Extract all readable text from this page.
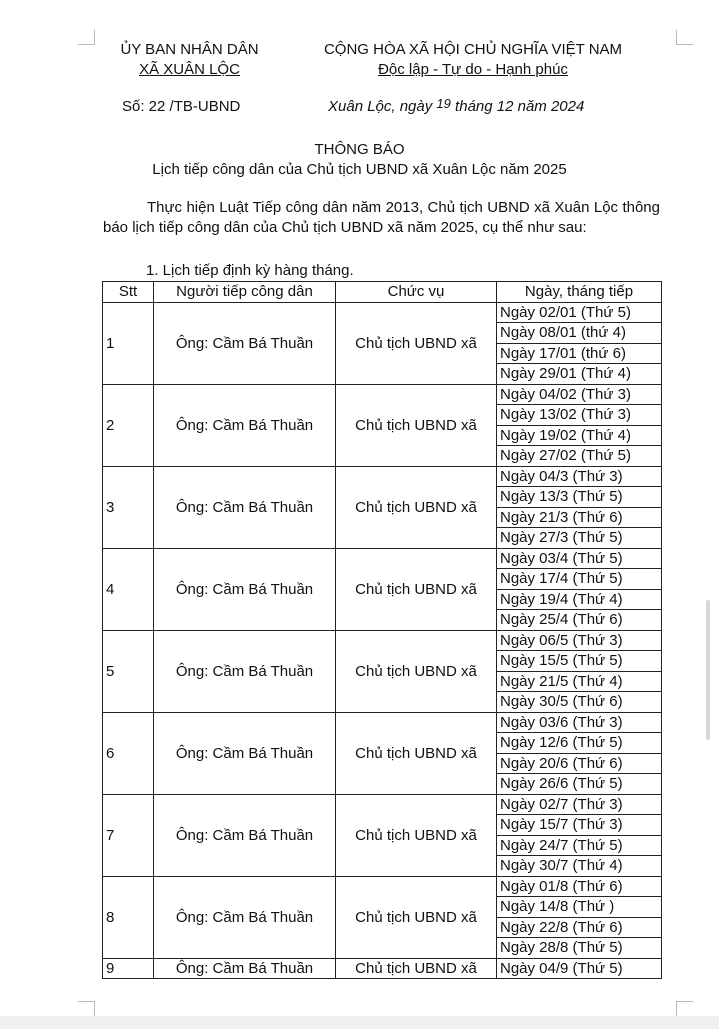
ỦY BAN NHÂN DÂN
XÃ XUÂN LỘC
CỘNG HÒA XÃ HỘI CHỦ NGHĨA VIỆT NAM
Độc lập - Tự do - Hạnh phúc
Số: 22 /TB-UBND	Xuân Lộc, ngày 19 tháng 12 năm 2024
THÔNG BÁO
Lịch tiếp công dân của Chủ tịch UBND xã Xuân Lộc năm 2025
Thực hiện Luật Tiếp công dân năm 2013, Chủ tịch UBND xã Xuân Lộc thông báo lịch tiếp công dân của Chủ tịch UBND xã năm 2025, cụ thể như sau:
1. Lịch tiếp định kỳ hàng tháng.
Stt	Người tiếp công dân	Chức vụ	Ngày, tháng tiếp
1	Ông: Cầm Bá Thuần	Chủ tịch UBND xã	Ngày 02/01 (Thứ 5)
			Ngày 08/01 (thứ 4)
			Ngày 17/01 (thứ 6)
			Ngày 29/01 (Thứ 4)
2	Ông: Cầm Bá Thuần	Chủ tịch UBND xã	Ngày 04/02 (Thứ 3)
			Ngày 13/02 (Thứ 3)
			Ngày 19/02 (Thứ 4)
			Ngày 27/02 (Thứ 5)
3	Ông: Cầm Bá Thuần	Chủ tịch UBND xã	Ngày 04/3 (Thứ 3)
			Ngày 13/3 (Thứ 5)
			Ngày 21/3 (Thứ 6)
			Ngày 27/3 (Thứ 5)
4	Ông: Cầm Bá Thuần	Chủ tịch UBND xã	Ngày 03/4 (Thứ 5)
			Ngày 17/4 (Thứ 5)
			Ngày 19/4 (Thứ 4)
			Ngày 25/4 (Thứ 6)
5	Ông: Cầm Bá Thuần	Chủ tịch UBND xã	Ngày 06/5 (Thứ 3)
			Ngày 15/5 (Thứ 5)
			Ngày 21/5 (Thứ 4)
			Ngày 30/5 (Thứ 6)
6	Ông: Cầm Bá Thuần	Chủ tịch UBND xã	Ngày 03/6 (Thứ 3)
			Ngày 12/6 (Thứ 5)
			Ngày 20/6 (Thứ 6)
			Ngày 26/6 (Thứ 5)
7	Ông: Cầm Bá Thuần	Chủ tịch UBND xã	Ngày 02/7 (Thứ 3)
			Ngày 15/7 (Thứ 3)
			Ngày 24/7 (Thứ 5)
			Ngày 30/7 (Thứ 4)
8	Ông: Cầm Bá Thuần	Chủ tịch UBND xã	Ngày 01/8 (Thứ 6)
			Ngày 14/8 (Thứ )
			Ngày 22/8 (Thứ 6)
			Ngày 28/8 (Thứ 5)
9	Ông: Cầm Bá Thuần	Chủ tịch UBND xã	Ngày 04/9 (Thứ 5)
